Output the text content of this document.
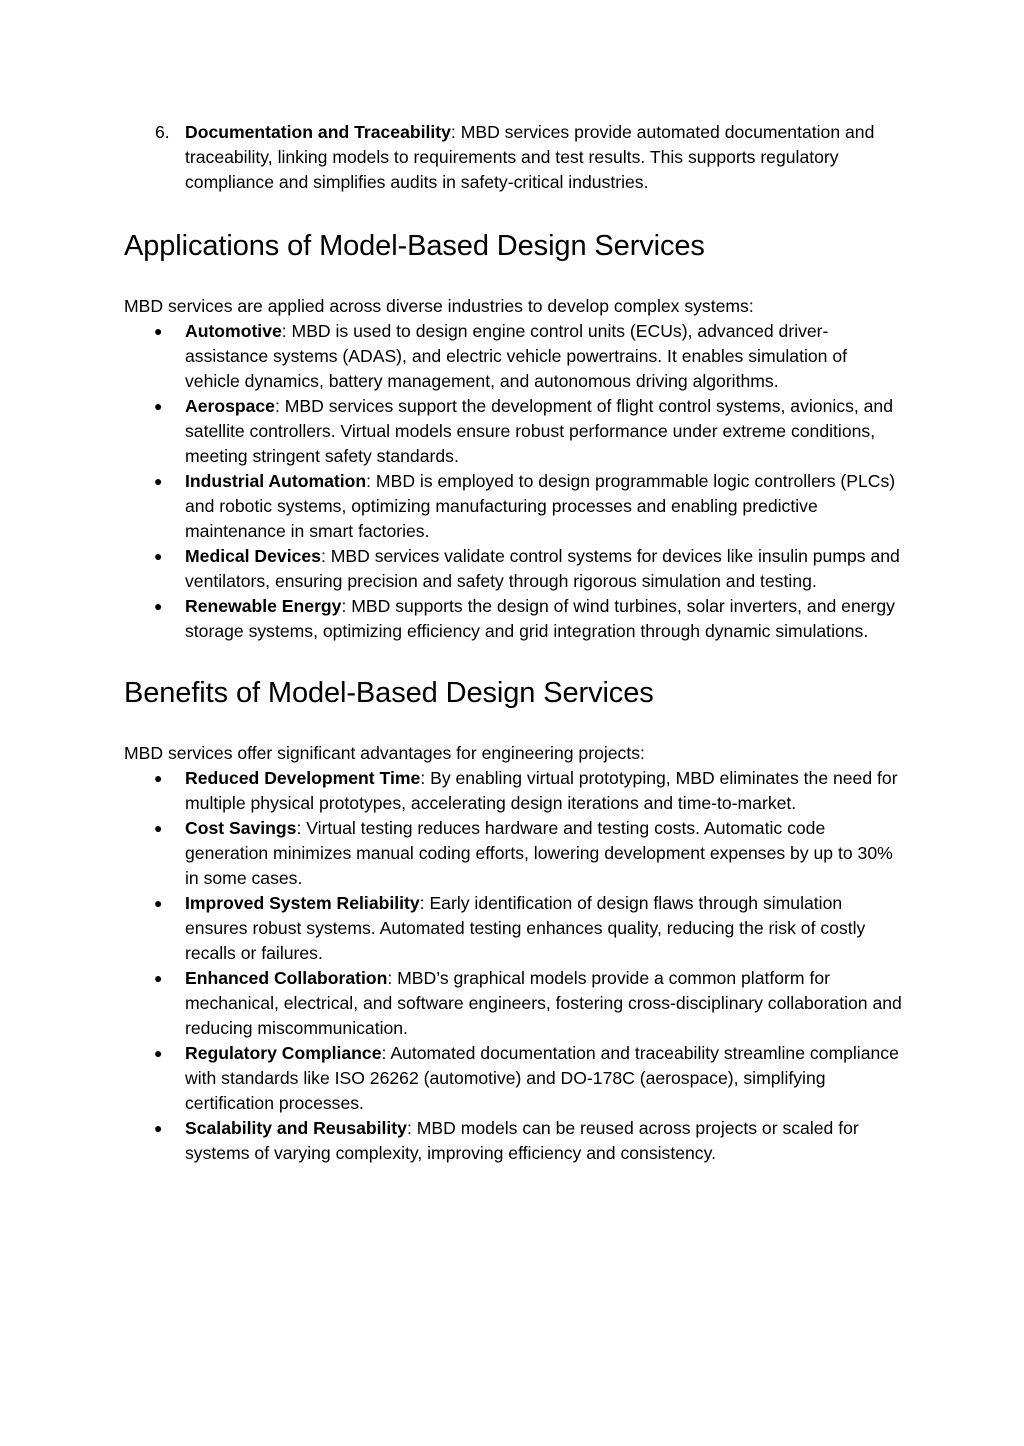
6. Documentation and Traceability: MBD services provide automated documentation and traceability, linking models to requirements and test results. This supports regulatory compliance and simplifies audits in safety-critical industries.

Applications of Model-Based Design Services

MBD services are applied across diverse industries to develop complex systems:

● Automotive: MBD is used to design engine control units (ECUs), advanced driver-assistance systems (ADAS), and electric vehicle powertrains. It enables simulation of vehicle dynamics, battery management, and autonomous driving algorithms.
● Aerospace: MBD services support the development of flight control systems, avionics, and satellite controllers. Virtual models ensure robust performance under extreme conditions, meeting stringent safety standards.
● Industrial Automation: MBD is employed to design programmable logic controllers (PLCs) and robotic systems, optimizing manufacturing processes and enabling predictive maintenance in smart factories.
● Medical Devices: MBD services validate control systems for devices like insulin pumps and ventilators, ensuring precision and safety through rigorous simulation and testing.
● Renewable Energy: MBD supports the design of wind turbines, solar inverters, and energy storage systems, optimizing efficiency and grid integration through dynamic simulations.
Benefits of Model-Based Design Services

MBD services offer significant advantages for engineering projects:

● Reduced Development Time: By enabling virtual prototyping, MBD eliminates the need for multiple physical prototypes, accelerating design iterations and time-to-market.
● Cost Savings: Virtual testing reduces hardware and testing costs. Automatic code generation minimizes manual coding efforts, lowering development expenses by up to 30% in some cases.
● Improved System Reliability: Early identification of design flaws through simulation ensures robust systems. Automated testing enhances quality, reducing the risk of costly recalls or failures.
● Enhanced Collaboration: MBD’s graphical models provide a common platform for mechanical, electrical, and software engineers, fostering cross-disciplinary collaboration and reducing miscommunication.
● Regulatory Compliance: Automated documentation and traceability streamline compliance with standards like ISO 26262 (automotive) and DO-178C (aerospace), simplifying certification processes.
● Scalability and Reusability: MBD models can be reused across projects or scaled for systems of varying complexity, improving efficiency and consistency.
